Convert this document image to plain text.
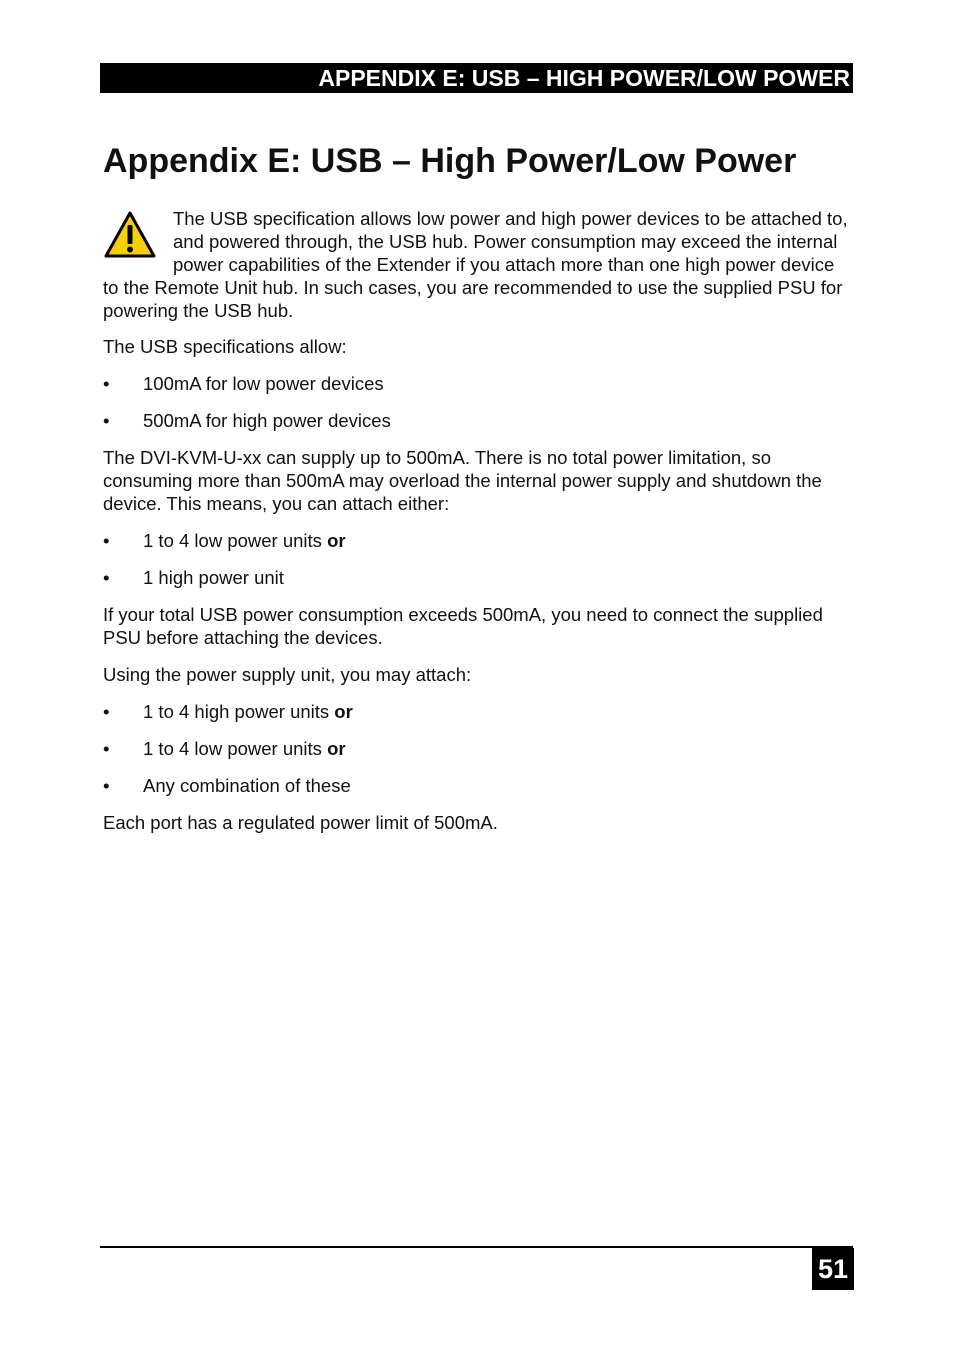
APPENDIX E: USB – HIGH POWER/LOW POWER
Appendix E: USB – High Power/Low Power
The USB specification allows low power and high power devices to be attached to, and powered through, the USB hub. Power consumption may exceed the internal power capabilities of the Extender if you attach more than one high power device to the Remote Unit hub. In such cases, you are recommended to use the supplied PSU for powering the USB hub.

The USB specifications allow:

•	100mA for low power devices
•	500mA for high power devices

The DVI-KVM-U-xx can supply up to 500mA. There is no total power limitation, so consuming more than 500mA may overload the internal power supply and shutdown the device. This means, you can attach either:

•	1 to 4 low power units or
•	1 high power unit

If your total USB power consumption exceeds 500mA, you need to connect the supplied PSU before attaching the devices.

Using the power supply unit, you may attach:

•	1 to 4 high power units or
•	1 to 4 low power units or
•	Any combination of these

Each port has a regulated power limit of 500mA.

51
